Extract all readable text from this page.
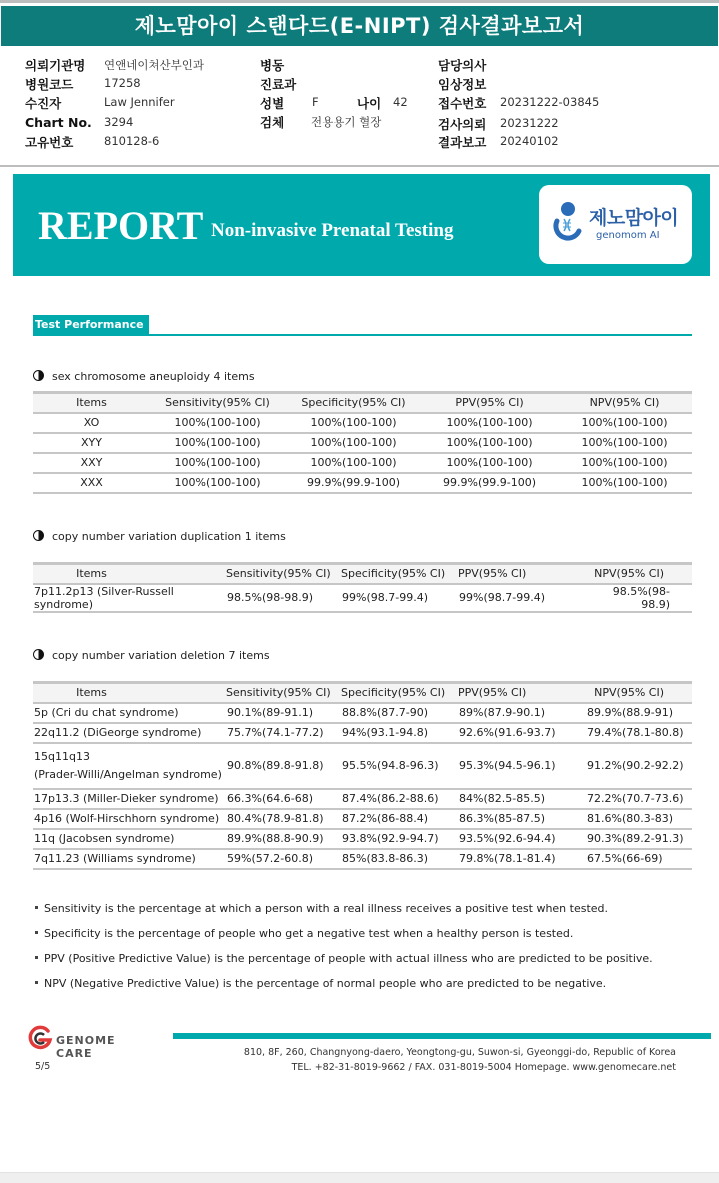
제노맘아이 스탠다드(E-NIPT) 검사결과보고서
의뢰기관명 연앤네이쳐산부인과
병원코드	17258
수진자	Law Jennifer
Chart No. 3294
고유번호	810128-6
병동
진료과
성별 F	나이 42
검체 전용용기 혈장
담당의사
임상정보
접수번호 20231222-03845
검사의뢰 20231222
결과보고 20240102
REPORT Non-invasive Prenatal Testing
제노맘아이
genomom AI
Test Performance
sex chromosome aneuploidy 4 items
Items	Sensitivity(95% CI)	Specificity(95% CI)	PPV(95% CI)	NPV(95% CI)
XO	100%(100-100)	100%(100-100)	100%(100-100)	100%(100-100)
XYY	100%(100-100)	100%(100-100)	100%(100-100)	100%(100-100)
XXY	100%(100-100)	100%(100-100)	100%(100-100)	100%(100-100)
XXX	100%(100-100)	99.9%(99.9-100)	99.9%(99.9-100)	100%(100-100)
copy number variation duplication 1 items
Items	Sensitivity(95% CI)	Specificity(95% CI)	PPV(95% CI)	NPV(95% CI)
7p11.2p13 (Silver-Russell syndrome)	98.5%(98-98.9)	99%(98.7-99.4)	99%(98.7-99.4)	98.5%(98-98.9)
copy number variation deletion 7 items
Items	Sensitivity(95% CI)	Specificity(95% CI)	PPV(95% CI)	NPV(95% CI)
5p (Cri du chat syndrome)	90.1%(89-91.1)	88.8%(87.7-90)	89%(87.9-90.1)	89.9%(88.9-91)
22q11.2 (DiGeorge syndrome)	75.7%(74.1-77.2)	94%(93.1-94.8)	92.6%(91.6-93.7)	79.4%(78.1-80.8)
15q11q13
(Prader-Willi/Angelman syndrome)	90.8%(89.8-91.8)	95.5%(94.8-96.3)	95.3%(94.5-96.1)	91.2%(90.2-92.2)
17p13.3 (Miller-Dieker syndrome)	66.3%(64.6-68)	87.4%(86.2-88.6)	84%(82.5-85.5)	72.2%(70.7-73.6)
4p16 (Wolf-Hirschhorn syndrome)	80.4%(78.9-81.8)	87.2%(86-88.4)	86.3%(85-87.5)	81.6%(80.3-83)
11q (Jacobsen syndrome)	89.9%(88.8-90.9)	93.8%(92.9-94.7)	93.5%(92.6-94.4)	90.3%(89.2-91.3)
7q11.23 (Williams syndrome)	59%(57.2-60.8)	85%(83.8-86.3)	79.8%(78.1-81.4)	67.5%(66-69)
Sensitivity is the percentage at which a person with a real illness receives a positive test when tested.
Specificity is the percentage of people who get a negative test when a healthy person is tested.
PPV (Positive Predictive Value) is the percentage of people with actual illness who are predicted to be positive.
NPV (Negative Predictive Value) is the percentage of normal people who are predicted to be negative.
GENOME CARE	810, 8F, 260, Changnyong-daero, Yeongtong-gu, Suwon-si, Gyeonggi-do, Republic of Korea
TEL. +82-31-8019-9662 / FAX. 031-8019-5004 Homepage. www.genomecare.net
5/5
